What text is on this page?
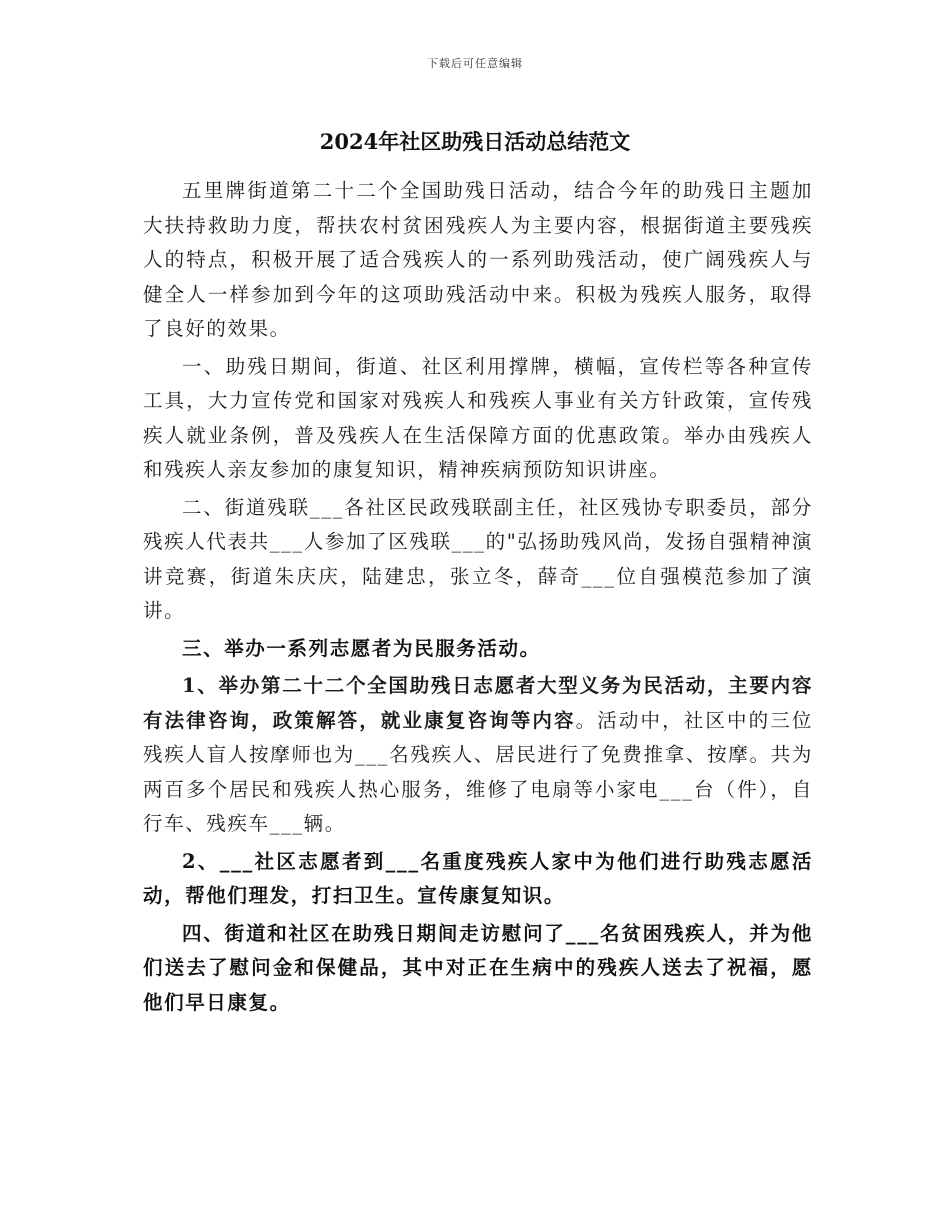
下载后可任意编辑
2024年社区助残日活动总结范文

五里牌街道第二十二个全国助残日活动，结合今年的助残日主题加大扶持救助力度，帮扶农村贫困残疾人为主要内容，根据街道主要残疾人的特点，积极开展了适合残疾人的一系列助残活动，使广阔残疾人与健全人一样参加到今年的这项助残活动中来。积极为残疾人服务，取得了良好的效果。

一、助残日期间，街道、社区利用撑牌，横幅，宣传栏等各种宣传工具，大力宣传党和国家对残疾人和残疾人事业有关方针政策，宣传残疾人就业条例，普及残疾人在生活保障方面的优惠政策。举办由残疾人和残疾人亲友参加的康复知识，精神疾病预防知识讲座。

二、街道残联___各社区民政残联副主任，社区残协专职委员，部分残疾人代表共___人参加了区残联___的"弘扬助残风尚，发扬自强精神演讲竞赛，街道朱庆庆，陆建忠，张立冬，薛奇___位自强模范参加了演讲。

三、举办一系列志愿者为民服务活动。

1、举办第二十二个全国助残日志愿者大型义务为民活动，主要内容有法律咨询，政策解答，就业康复咨询等内容。活动中，社区中的三位残疾人盲人按摩师也为___名残疾人、居民进行了免费推拿、按摩。共为两百多个居民和残疾人热心服务，维修了电扇等小家电___台（件），自行车、残疾车___辆。

2、___社区志愿者到___名重度残疾人家中为他们进行助残志愿活动，帮他们理发，打扫卫生。宣传康复知识。

四、街道和社区在助残日期间走访慰问了___名贫困残疾人，并为他们送去了慰问金和保健品，其中对正在生病中的残疾人送去了祝福，愿他们早日康复。
